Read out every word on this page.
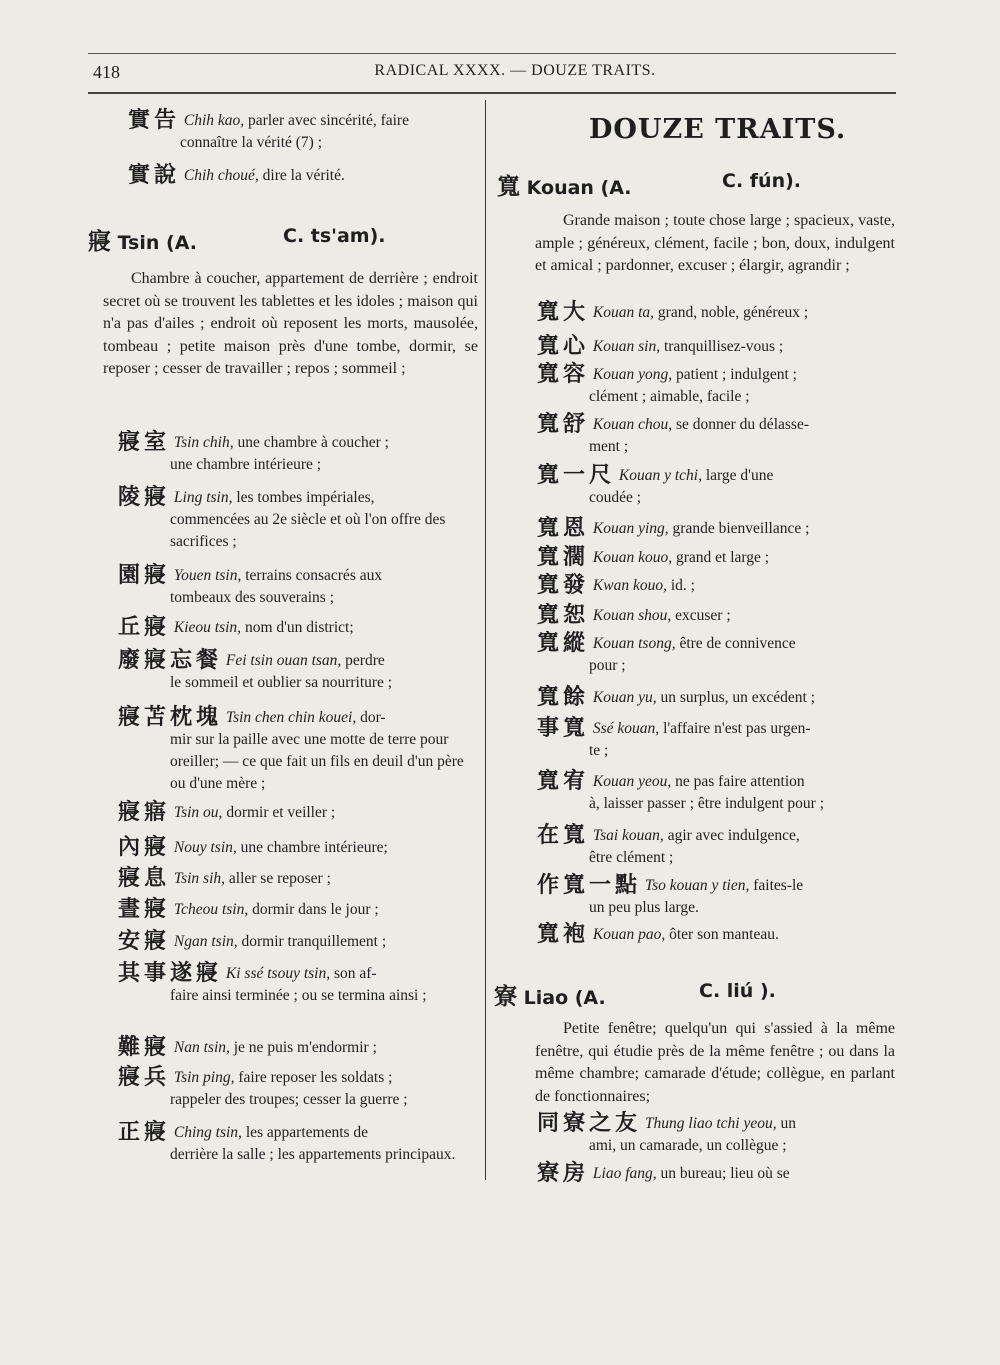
418	RADICAL XXXX. — DOUZE TRAITS.
實告 Chih kao, parler avec sincérité, faire
connaître la vérité (7) ;
實說 Chih choué, dire la vérité.
寢 Tsin (A.	C. ts'am).
Chambre à coucher, appartement de derrière ; endroit secret où se trouvent les tablettes et les idoles ; maison qui n'a pas d'ailes ; endroit où reposent les morts, mausolée, tombeau ; petite maison près d'une tombe, dormir, se reposer ; cesser de travailler ; repos ; sommeil ;
寢室 Tsin chih, une chambre à coucher ;
une chambre intérieure ;
陵寢 Ling tsin, les tombes impériales,
commencées au 2e siècle et où l'on offre des sacrifices ;
園寢 Youen tsin, terrains consacrés aux
tombeaux des souverains ;
丘寢 Kieou tsin, nom d'un district;
廢寢忘餐 Fei tsin ouan tsan, perdre
le sommeil et oublier sa nourriture ;
寢苫枕塊 Tsin chen chin kouei, dor-
mir sur la paille avec une motte de terre pour oreiller; — ce que fait un fils en deuil d'un père ou d'une mère ;
寢寤 Tsin ou, dormir et veiller ;
內寢 Nouy tsin, une chambre intérieure;
寢息 Tsin sih, aller se reposer ;
晝寢 Tcheou tsin, dormir dans le jour ;
安寢 Ngan tsin, dormir tranquillement ;
其事遂寢 Ki ssé tsouy tsin, son af-
faire ainsi terminée ; ou se termina ainsi ;
難寢 Nan tsin, je ne puis m'endormir ;
寢兵 Tsin ping, faire reposer les soldats ;
rappeler des troupes; cesser la guerre ;
正寢 Ching tsin, les appartements de
derrière la salle ; les appartements principaux.
DOUZE TRAITS.
寬 Kouan (A.	C. fún).
Grande maison ; toute chose large ; spacieux, vaste, ample ; généreux, clément, facile ; bon, doux, indulgent et amical ; pardonner, excuser ; élargir, agrandir ;
寬大 Kouan ta, grand, noble, généreux ;
寬心 Kouan sin, tranquillisez-vous ;
寬容 Kouan yong, patient ; indulgent ;
clément ; aimable, facile ;
寬舒 Kouan chou, se donner du délasse-
ment ;
寬一尺 Kouan y tchi, large d'une
coudée ;
寬恩 Kouan ying, grande bienveillance ;
寬濶 Kouan kouo, grand et large ;
寬發 Kwan kouo, id. ;
寬恕 Kouan shou, excuser ;
寬縱 Kouan tsong, être de connivence
pour ;
寬餘 Kouan yu, un surplus, un excédent ;
事寬 Ssé kouan, l'affaire n'est pas urgen-
te ;
寬宥 Kouan yeou, ne pas faire attention
à, laisser passer ; être indulgent pour ;
在寬 Tsai kouan, agir avec indulgence,
être clément ;
作寬一點 Tso kouan y tien, faites-le
un peu plus large.
寬袍 Kouan pao, ôter son manteau.
寮 Liao (A.	C. liú ).
Petite fenêtre; quelqu'un qui s'assied à la même fenêtre, qui étudie près de la même fenêtre ; ou dans la même chambre; camarade d'étude; collègue, en parlant de fonctionnaires;
同寮之友 Thung liao tchi yeou, un
ami, un camarade, un collègue ;
寮房 Liao fang, un bureau; lieu où se
